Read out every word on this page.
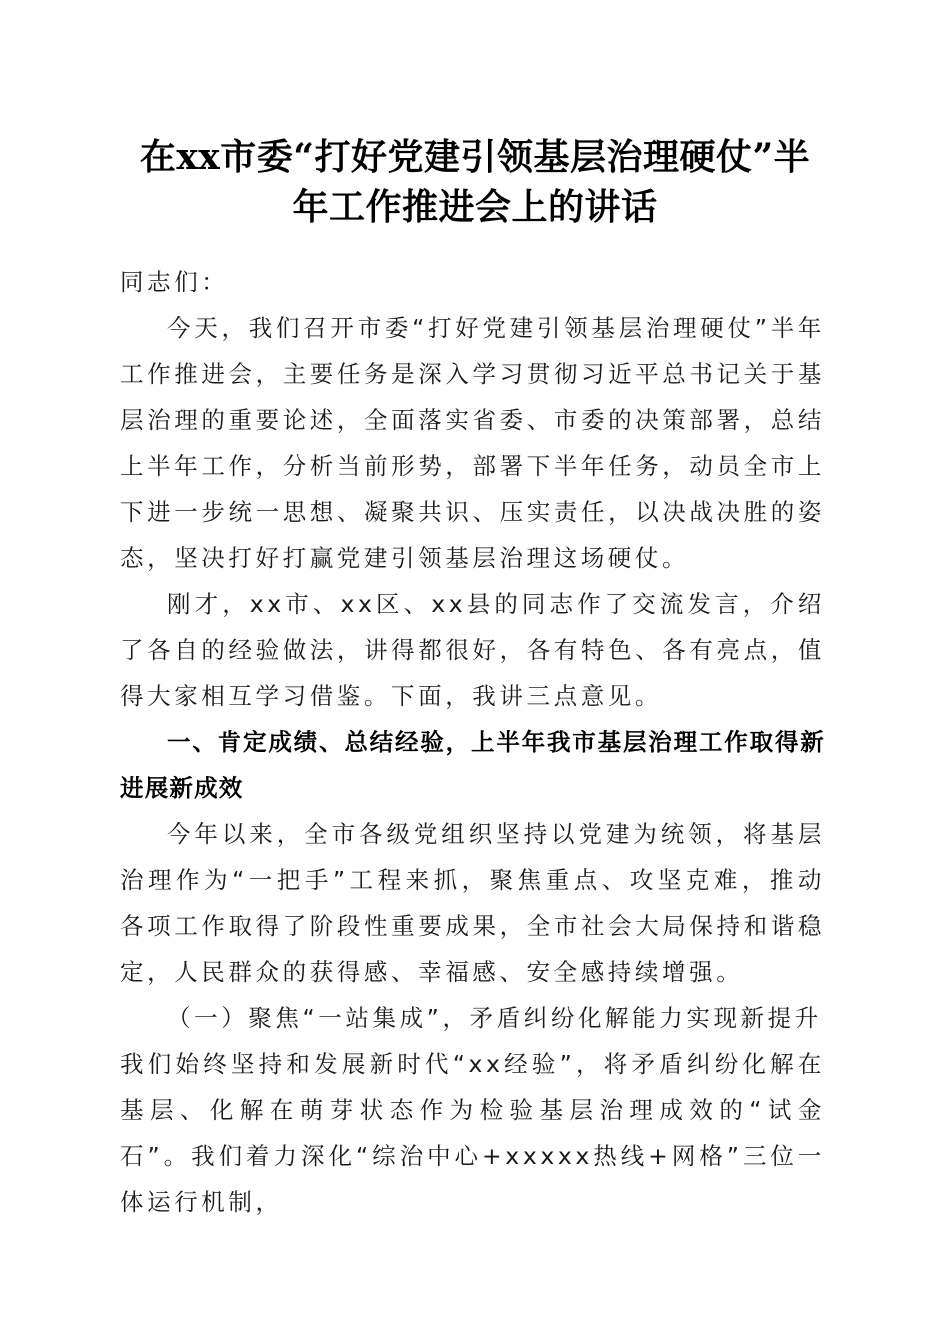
在xx市委“打好党建引领基层治理硬仗”半
年工作推进会上的讲话

同志们：

今天，我们召开市委“打好党建引领基层治理硬仗”半年工作推进会，主要任务是深入学习贯彻习近平总书记关于基层治理的重要论述，全面落实省委、市委的决策部署，总结上半年工作，分析当前形势，部署下半年任务，动员全市上下进一步统一思想、凝聚共识、压实责任，以决战决胜的姿态，坚决打好打赢党建引领基层治理这场硬仗。

刚才，xx市、xx区、xx县的同志作了交流发言，介绍了各自的经验做法，讲得都很好，各有特色、各有亮点，值得大家相互学习借鉴。下面，我讲三点意见。

一、肯定成绩、总结经验，上半年我市基层治理工作取得新进展新成效

今年以来，全市各级党组织坚持以党建为统领，将基层治理作为“一把手”工程来抓，聚焦重点、攻坚克难，推动各项工作取得了阶段性重要成果，全市社会大局保持和谐稳定，人民群众的获得感、幸福感、安全感持续增强。

（一）聚焦“一站集成”，矛盾纠纷化解能力实现新提升

我们始终坚持和发展新时代“xx经验”，将矛盾纠纷化解在基层、化解在萌芽状态作为检验基层治理成效的“试金石”。我们着力深化“综治中心+xxxxx热线+网格”三位一体运行机制，
